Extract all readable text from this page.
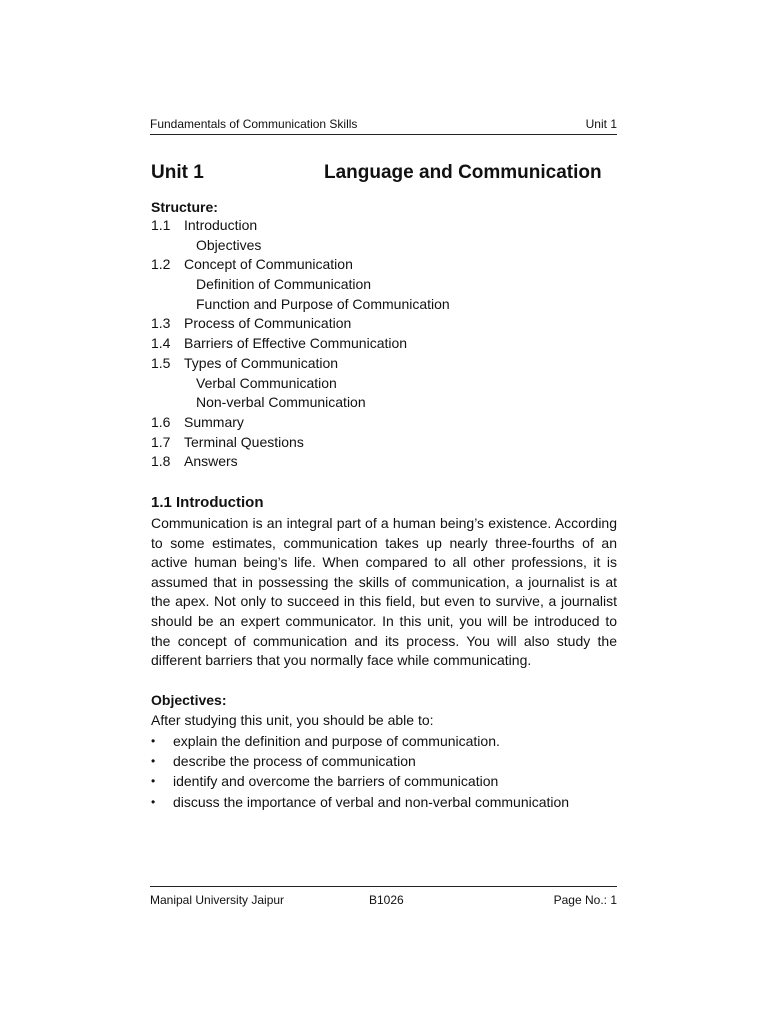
Fundamentals of Communication Skills	Unit 1
Unit 1	Language and Communication
Structure:
1.1 Introduction
Objectives
1.2 Concept of Communication
Definition of Communication
Function and Purpose of Communication
1.3 Process of Communication
1.4 Barriers of Effective Communication
1.5 Types of Communication
Verbal Communication
Non-verbal Communication
1.6 Summary
1.7 Terminal Questions
1.8 Answers
1.1 Introduction

Communication is an integral part of a human being’s existence. According to some estimates, communication takes up nearly three-fourths of an active human being’s life. When compared to all other professions, it is assumed that in possessing the skills of communication, a journalist is at the apex. Not only to succeed in this field, but even to survive, a journalist should be an expert communicator. In this unit, you will be introduced to the concept of communication and its process. You will also study the different barriers that you normally face while communicating.

Objectives:
After studying this unit, you should be able to:
• explain the definition and purpose of communication.
• describe the process of communication
• identify and overcome the barriers of communication
• discuss the importance of verbal and non-verbal communication
Manipal University Jaipur	B1026	Page No.: 1
